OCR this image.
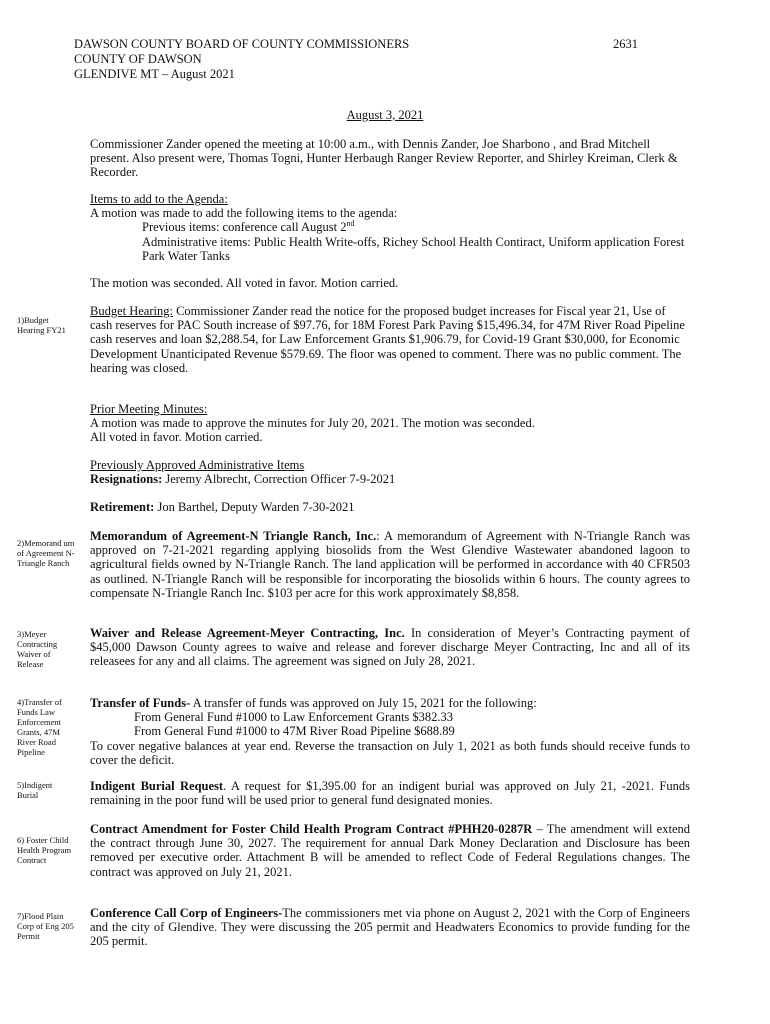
DAWSON COUNTY BOARD OF COUNTY COMMISSIONERS
COUNTY OF DAWSON
GLENDIVE MT – August 2021
2631
August 3, 2021
Commissioner Zander opened the meeting at 10:00 a.m., with Dennis Zander, Joe Sharbono , and Brad Mitchell present. Also present were, Thomas Togni, Hunter Herbaugh Ranger Review Reporter, and Shirley Kreiman, Clerk & Recorder.
Items to add to the Agenda:
A motion was made to add the following items to the agenda:
Previous items: conference call August 2nd
Administrative items: Public Health Write-offs, Richey School Health Contiract, Uniform application Forest Park Water Tanks
The motion was seconded. All voted in favor. Motion carried.
1)Budget Hearing FY21
Budget Hearing: Commissioner Zander read the notice for the proposed budget increases for Fiscal year 21, Use of cash reserves for PAC South increase of $97.76, for 18M Forest Park Paving $15,496.34, for 47M River Road Pipeline cash reserves and loan $2,288.54, for Law Enforcement Grants $1,906.79, for Covid-19 Grant $30,000, for Economic Development Unanticipated Revenue $579.69. The floor was opened to comment. There was no public comment. The hearing was closed.
Prior Meeting Minutes:
A motion was made to approve the minutes for July 20, 2021. The motion was seconded.
All voted in favor. Motion carried.
Previously Approved Administrative Items
Resignations: Jeremy Albrecht, Correction Officer 7-9-2021
Retirement: Jon Barthel, Deputy Warden 7-30-2021
2)Memorand um of Agreement N-Triangle Ranch
Memorandum of Agreement-N Triangle Ranch, Inc.: A memorandum of Agreement with N-Triangle Ranch was approved on 7-21-2021 regarding applying biosolids from the West Glendive Wastewater abandoned lagoon to agricultural fields owned by N-Triangle Ranch. The land application will be performed in accordance with 40 CFR503 as outlined. N-Triangle Ranch will be responsible for incorporating the biosolids within 6 hours. The county agrees to compensate N-Triangle Ranch Inc. $103 per acre for this work approximately $8,858.
3)Meyer Contracting Waiver of Release
Waiver and Release Agreement-Meyer Contracting, Inc. In consideration of Meyer’s Contracting payment of $45,000 Dawson County agrees to waive and release and forever discharge Meyer Contracting, Inc and all of its releasees for any and all claims. The agreement was signed on July 28, 2021.
4)Transfer of Funds Law Enforcement Grants, 47M River Road Pipeline
Transfer of Funds- A transfer of funds was approved on July 15, 2021 for the following:
From General Fund #1000 to Law Enforcement Grants $382.33
From General Fund #1000 to 47M River Road Pipeline $688.89
To cover negative balances at year end. Reverse the transaction on July 1, 2021 as both funds should receive funds to cover the deficit.
5)Indigent Burial
Indigent Burial Request. A request for $1,395.00 for an indigent burial was approved on July 21, -2021. Funds remaining in the poor fund will be used prior to general fund designated monies.
6) Foster Child Health Program Contract
Contract Amendment for Foster Child Health Program Contract #PHH20-0287R – The amendment will extend the contract through June 30, 2027. The requirement for annual Dark Money Declaration and Disclosure has been removed per executive order. Attachment B will be amended to reflect Code of Federal Regulations changes. The contract was approved on July 21, 2021.
7)Flood Plain Corp of Eng 205 Permit
Conference Call Corp of Engineers-The commissioners met via phone on August 2, 2021 with the Corp of Engineers and the city of Glendive. They were discussing the 205 permit and Headwaters Economics to provide funding for the 205 permit.
